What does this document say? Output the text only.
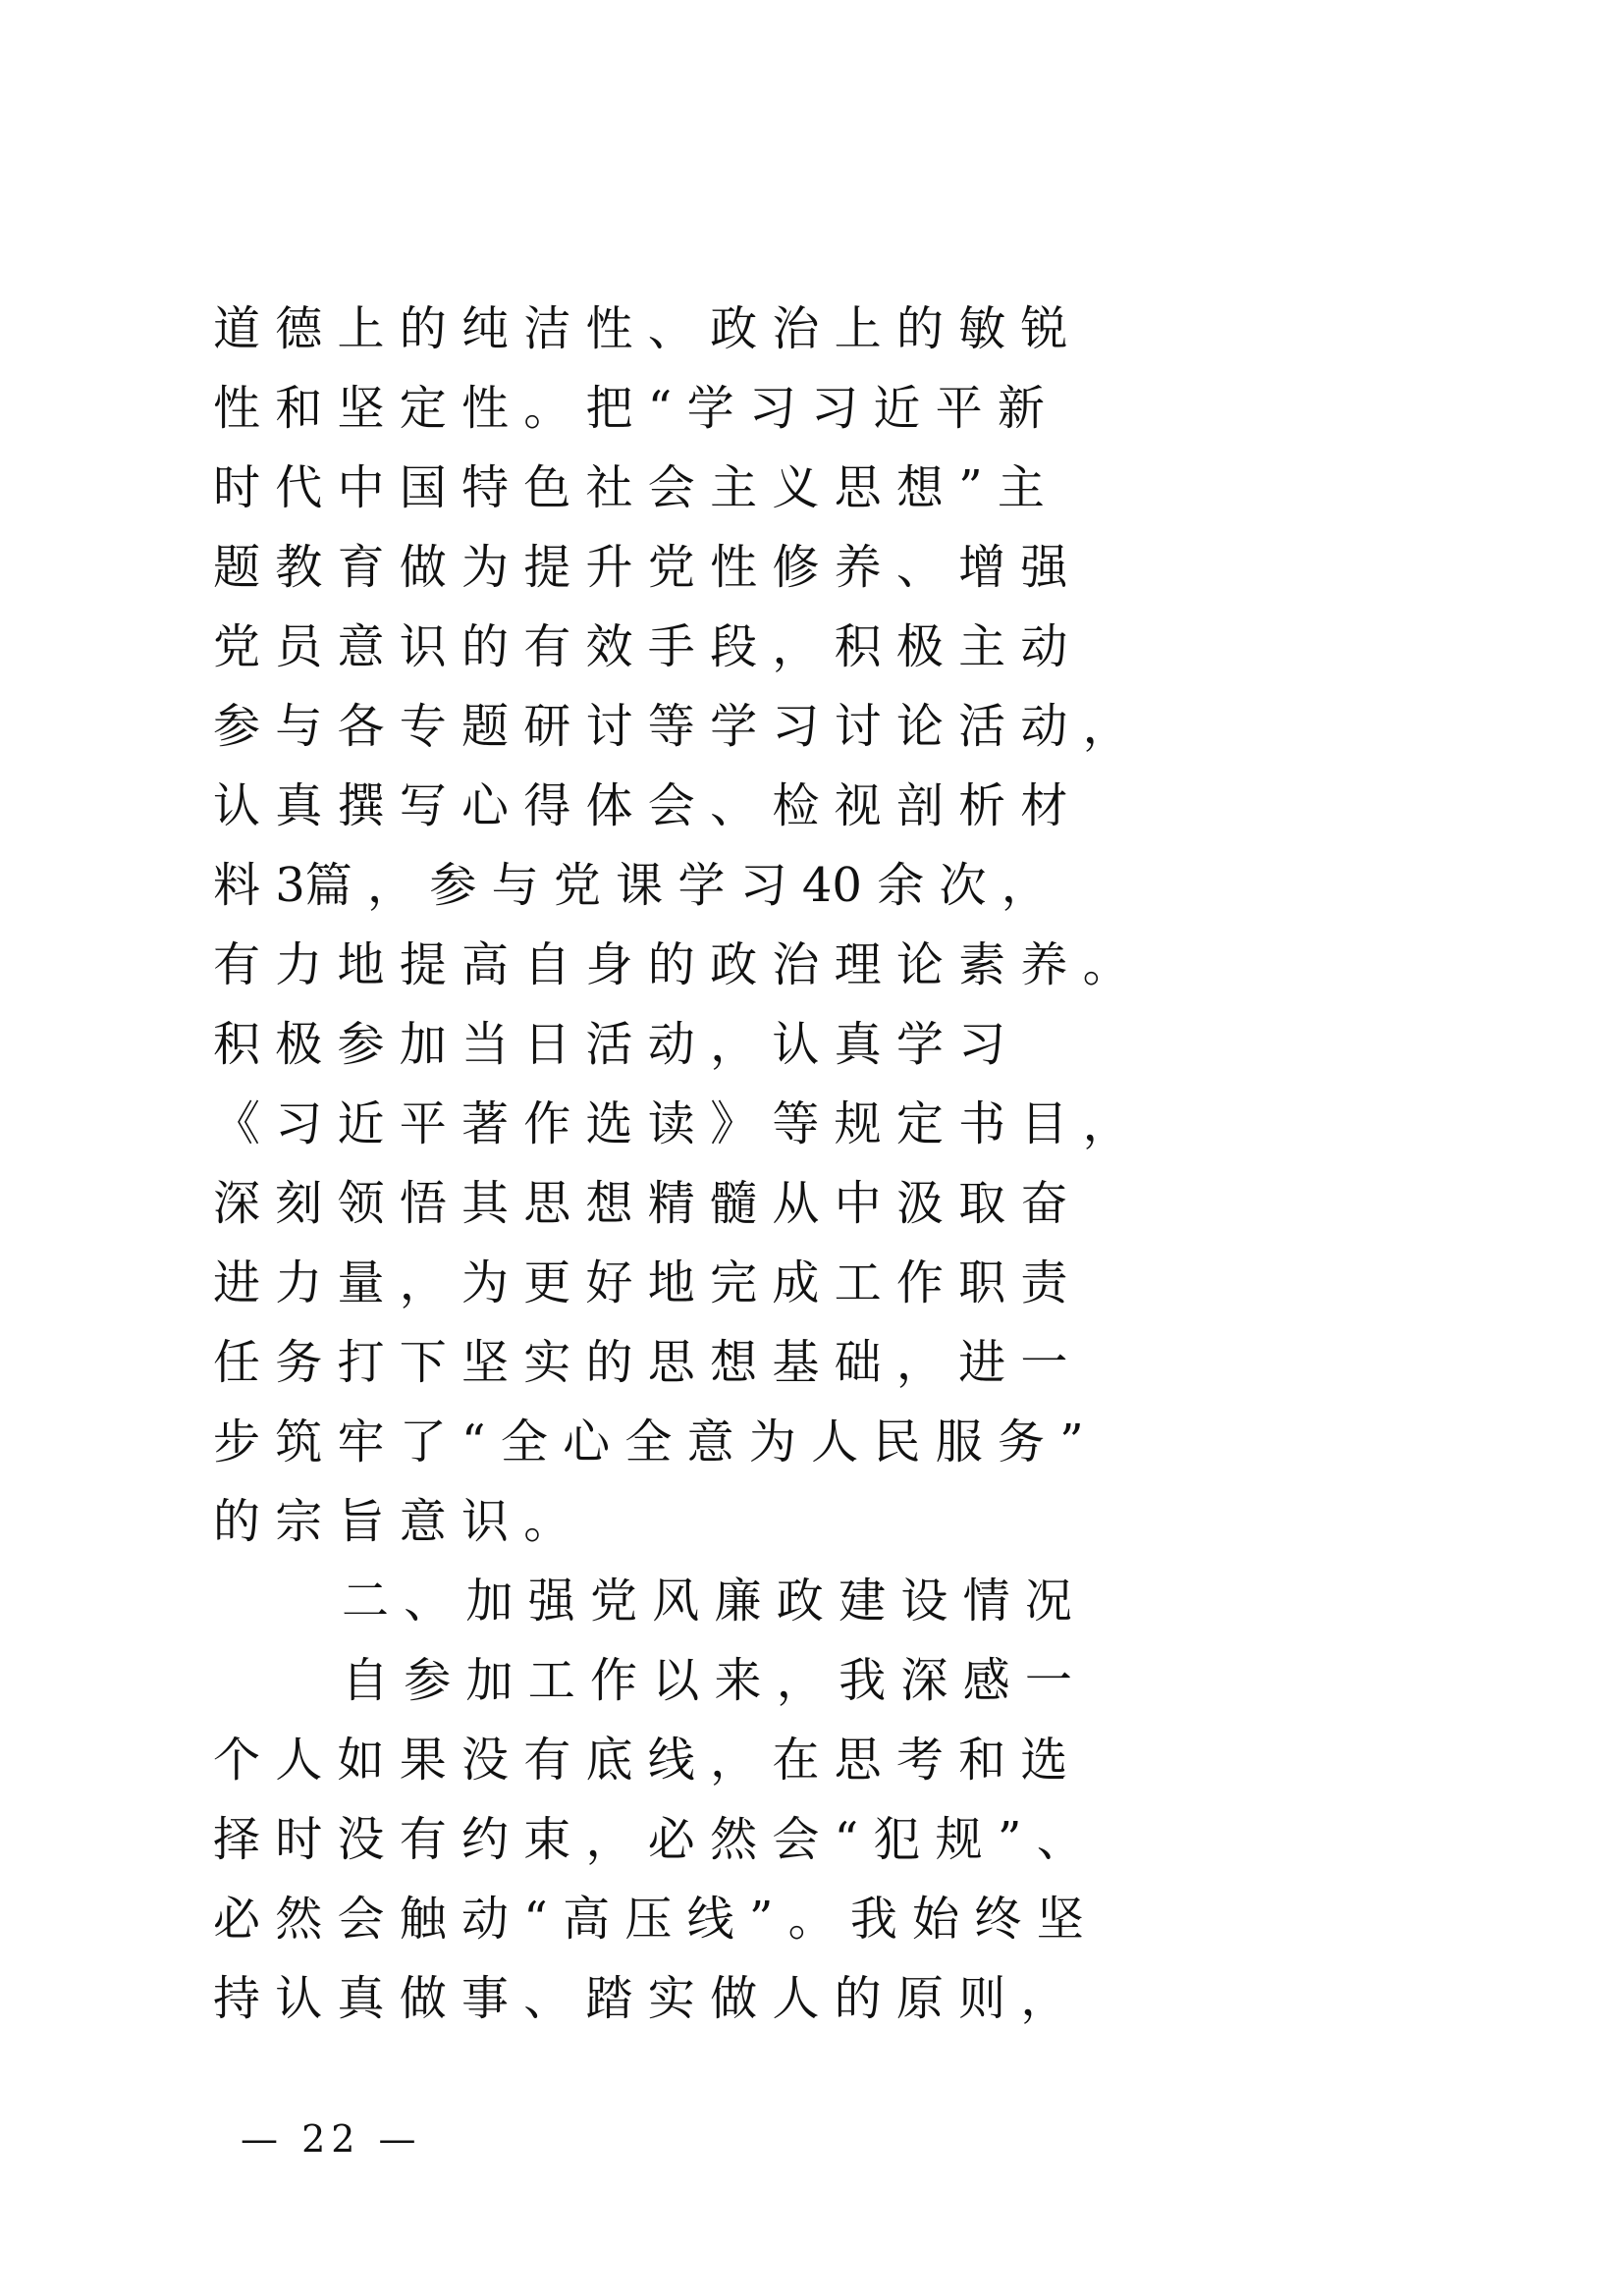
道 德 上 的 纯 洁 性 、 政 治 上 的 敏 锐
性 和 坚 定 性 。 把 “ 学 习 习 近 平 新
时 代 中 国 特 色 社 会 主 义 思 想 ” 主
题 教 育 做 为 提 升 党 性 修 养 、 增 强
党 员 意 识 的 有 效 手 段 ， 积 极 主 动
参 与 各 专 题 研 讨 等 学 习 讨 论 活 动 ，
认 真 撰 写 心 得 体 会 、 检 视 剖 析 材
料 3篇 ， 参 与 党 课 学 习 40 余 次 ，
有 力 地 提 高 自 身 的 政 治 理 论 素 养 。
积 极 参 加 当 日 活 动 ， 认 真 学 习
《 习 近 平 著 作 选 读 》 等 规 定 书 目 ，
深 刻 领 悟 其 思 想 精 髓 从 中 汲 取 奋
进 力 量 ， 为 更 好 地 完 成 工 作 职 责
任 务 打 下 坚 实 的 思 想 基 础 ， 进 一
步 筑 牢 了 “ 全 心 全 意 为 人 民 服 务 ”
的 宗 旨 意 识 。
二 、 加 强 党 风 廉 政 建 设 情 况
自 参 加 工 作 以 来 ， 我 深 感 一
个 人 如 果 没 有 底 线 ， 在 思 考 和 选
择 时 没 有 约 束 ， 必 然 会 “ 犯 规 ” 、
必 然 会 触 动 “ 高 压 线 ” 。 我 始 终 坚
持 认 真 做 事 、 踏 实 做 人 的 原 则 ，
— 22 —
